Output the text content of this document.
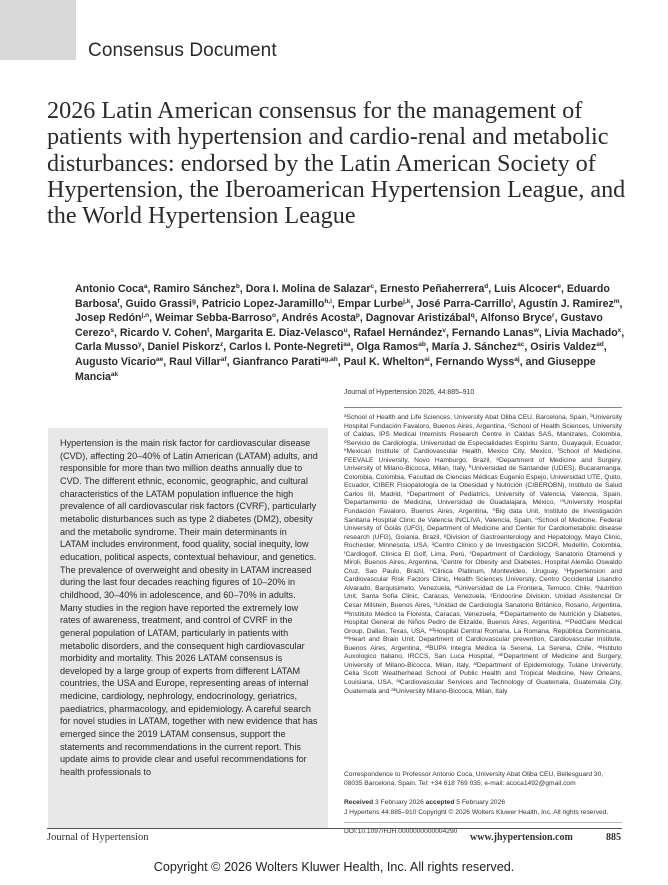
Consensus Document
2026 Latin American consensus for the management of patients with hypertension and cardio-renal and metabolic disturbances: endorsed by the Latin American Society of Hypertension, the Iberoamerican Hypertension League, and the World Hypertension League
Antonio Coca$^a$, Ramiro Sánchez$^b$, Dora I. Molina de Salazar$^c$, Ernesto Peñaherrera$^d$, Luis Alcocer$^e$, Eduardo Barbosa$^f$, Guido Grassi$^g$, Patricio Lopez-Jaramillo$^{h,i}$, Empar Lurbe$^{j,k}$, José Parra-Carrillo$^l$, Agustín J. Ramirez$^m$, Josep Redón$^{j,n}$, Weimar Sebba-Barroso$^o$, Andrés Acosta$^p$, Dagnovar Aristizábal$^q$, Alfonso Bryce$^r$, Gustavo Cerezo$^s$, Ricardo V. Cohen$^t$, Margarita E. Diaz-Velasco$^u$, Rafael Hernández$^v$, Fernando Lanas$^w$, Livia Machado$^x$, Carla Musso$^y$, Daniel Piskorz$^z$, Carlos I. Ponte-Negreti$^{aa}$, Olga Ramos$^{ab}$, María J. Sánchez$^{ac}$, Osiris Valdez$^{ad}$, Augusto Vicario$^{ae}$, Raul Villar$^{af}$, Gianfranco Parati$^{ag,ah}$, Paul K. Whelton$^{ai}$, Fernando Wyss$^{aj}$, and Giuseppe Mancia$^{ak}$

Hypertension is the main risk factor for cardiovascular disease (CVD), affecting 20–40% of Latin American (LATAM) adults, and responsible for more than two million deaths annually due to CVD. The different ethnic, economic, geographic, and cultural characteristics of the LATAM population influence the high prevalence of all cardiovascular risk factors (CVRF), particularly metabolic disturbances such as type 2 diabetes (DM2), obesity and the metabolic syndrome. Their main determinants in LATAM includes environment, food quality, social inequity, low education, political aspects, contextual behaviour, and genetics. The prevalence of overweight and obesity in LATAM increased during the last four decades reaching figures of 10–20% in childhood, 30–40% in adolescence, and 60–70% in adults. Many studies in the region have reported the extremely low rates of awareness, treatment, and control of CVRF in the general population of LATAM, particularly in patients with metabolic disorders, and the consequent high cardiovascular morbidity and mortality. This 2026 LATAM consensus is developed by a large group of experts from different LATAM countries, the USA and Europe, representing areas of internal medicine, cardiology, nephrology, endocrinology, geriatrics, paediatrics, pharmacology, and epidemiology. A careful search for novel studies in LATAM, together with new evidence that has emerged since the 2019 LATAM consensus, support the statements and recommendations in the current report. This update aims to provide clear and useful recommendations for health professionals to

Journal of Hypertension 2026, 44:885–910

$^a$School of Health and Life Sciences, University Abat Oliba CEU, Barcelona, Spain, $^b$University Hospital Fundación Favaloro, Buenos Aires, Argentina, $^c$School of Health Sciences, University of Caldas, IPS Medical Internists Research Centre in Caldas SAS, Manizales, Colombia, $^d$Servicio de Cardiología, Universidad de Especialidades Espíritu Santo, Guayaquil, Ecuador, $^e$Mexican Institute of Cardiovascular Health, Mexico City, Mexico, $^f$School of Medicine, FEEVALE University, Novo Hamburgo, Brazil, $^g$Department of Medicine and Surgery, University of Milano-Bicocca, Milan, Italy, $^h$Universidad de Santander (UDES), Bucaramanga, Colombia, Colombia, $^i$Facultad de Ciencias Médicas Eugenio Espejo, Universidad UTE, Quito, Ecuador, $^j$CIBER Fisiopatología de la Obesidad y Nutrición (CIBEROBN), Instituto de Salud Carlos III, Madrid, $^k$Department of Pediatrics, University of Valencia, Valencia, Spain, $^l$Departamento de Medicina, Universidad de Guadalajara, México, $^m$University Hospital Fundación Favaloro, Buenos Aires, Argentina, $^n$Big data Unit, Instituto de Investigación Sanitaria Hospital Clinic de Valencia INCLIVA, Valencia, Spain, $^o$School of Medicine, Federal University of Goiás (UFG), Department of Medicine and Center for Cardiometabolic disease research (UFG), Goiania, Brazil, $^p$Division of Gastroenterology and Hepatology, Mayo Clinic, Rochester, Minnesota, USA, $^q$Centro Clínico y de Investigación SICOR, Medellín, Colombia, $^r$Cardiogolf, Clínica El Golf, Lima, Perú, $^s$Department of Cardiology, Sanatorio Otamendi y Miroli, Buenos Aires, Argentina, $^t$Centre for Obesity and Diabetes, Hospital Alemão Oswaldo Cruz, Sao Paulo, Brazil, $^u$Clinica Platinum, Montevideo, Uruguay, $^v$Hypertension and Cardiovascular Risk Factors Clinic, Health Sciences University, Centro Occidental Lisandro Alvarado, Barquisimeto, Venezuela, $^w$Universidad de La Frontera, Temuco, Chile, $^x$Nutrition Unit, Santa Sofia Clinic, Caracas, Venezuela, $^y$Endocrine Division, Unidad Asistencial Dr Cesar Milstein, Buenos Aires, $^z$Unidad de Cardiología Sanatorio Británico, Rosario, Argentina, $^{aa}$Instituto Médico la Floresta, Caracas, Venezuela, $^{ab}$Departamento de Nutrición y Diabetes, Hospital General de Niños Pedro de Elizalde, Buenos Aires, Argentina, $^{ac}$PedCare Medical Group, Dallas, Texas, USA, $^{ad}$Hospital Central Romana, La Romana, República Dominicana, $^{ae}$Heart and Brain Unit, Department of Cardiovascular prevention, Cardiovascular Institute, Buenos Aires, Argentina, $^{af}$BUPA Integra Médica la Serena, La Serena, Chile, $^{ag}$Istituto Auxologico Italiano, IRCCS, San Luca Hospital, $^{ah}$Department of Medicine and Surgery, University of Milano-Bicocca, Milan, Italy, $^{ai}$Department of Epidemiology, Tulane University, Celia Scott Weatherhead School of Public Health and Tropical Medicine, New Orleans, Louisiana, USA, $^{aj}$Cardiovascular Services and Technology of Guatemala, Guatemala City, Guatemala and $^{ak}$University Milano-Biccoca, Milan, Italy

Correspondence to Professor Antonio Coca, University Abat Oliba CEU, Bellesguard 30, 08035 Barcelona, Spain. Tel: +34 618 769 035; e-mail: acoca1492@gmail.com

Received 3 February 2026 accepted 5 February 2026

J Hypertens 44:885–910 Copyright © 2026 Wolters Kluwer Health, Inc. All rights reserved.

DOI:10.1097/HJH.0000000000004290

Journal of Hypertension	www.jhypertension.com	885
Copyright © 2026 Wolters Kluwer Health, Inc. All rights reserved.
